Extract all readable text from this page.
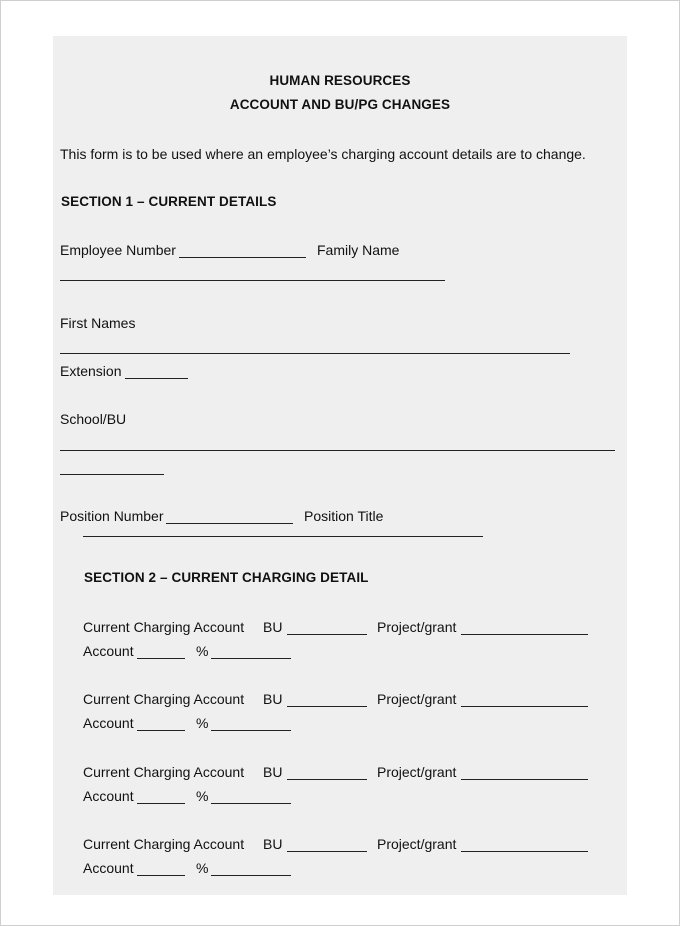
HUMAN RESOURCES
ACCOUNT AND BU/PG CHANGES
This form is to be used where an employee’s charging account details are to change.
SECTION 1 – CURRENT DETAILS
Employee Number	Family Name
First Names
Extension
School/BU
Position Number	Position Title
SECTION 2 – CURRENT CHARGING DETAIL
Current Charging Account BU	Project/grant
Account	%
Current Charging Account BU	Project/grant
Account	%
Current Charging Account BU	Project/grant
Account	%
Current Charging Account BU	Project/grant
Account	%
